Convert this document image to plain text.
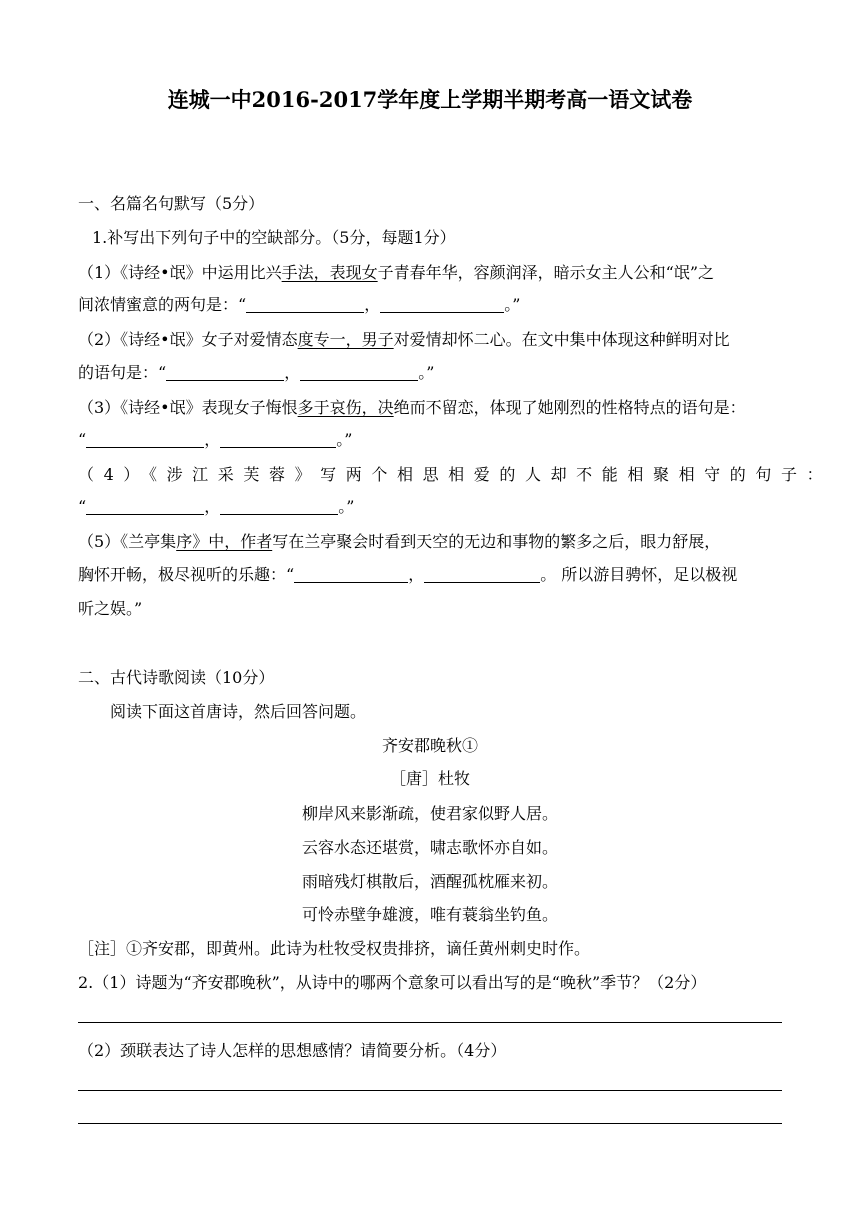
连城一中2016-2017学年度上学期半期考高一语文试卷
一、名篇名句默写（5分）
1.补写出下列句子中的空缺部分。（5分，每题1分）
（1）《诗经•氓》中运用比兴手法，表现女子青春年华，容颜润泽，暗示女主人公和“氓”之
间浓情蜜意的两句是：“	，	。”
（2）《诗经•氓》女子对爱情态度专一，男子对爱情却怀二心。在文中集中体现这种鲜明对比
的语句是：“	，	。”
（3）《诗经•氓》表现女子悔恨多于哀伤，决绝而不留恋，体现了她刚烈的性格特点的语句是：
“	，	。”
（4）《涉江采芙蓉》写两个相思相爱的人却不能相聚相守的句子：
“	，	。”
（5）《兰亭集序》中，作者写在兰亭聚会时看到天空的无边和事物的繁多之后，眼力舒展，
胸怀开畅，极尽视听的乐趣：“	，	。 所以游目骋怀，足以极视
听之娱。”
二、古代诗歌阅读（10分）
阅读下面这首唐诗，然后回答问题。
齐安郡晚秋①
［唐］杜牧
柳岸风来影渐疏，使君家似野人居。
云容水态还堪赏，啸志歌怀亦自如。
雨暗残灯棋散后，酒醒孤枕雁来初。
可怜赤壁争雄渡，唯有蓑翁坐钓鱼。
［注］①齐安郡，即黄州。此诗为杜牧受权贵排挤，谪任黄州刺史时作。
2.（1）诗题为“齐安郡晚秋”，从诗中的哪两个意象可以看出写的是“晚秋”季节？（2分）
（2）颈联表达了诗人怎样的思想感情？请简要分析。（4分）
